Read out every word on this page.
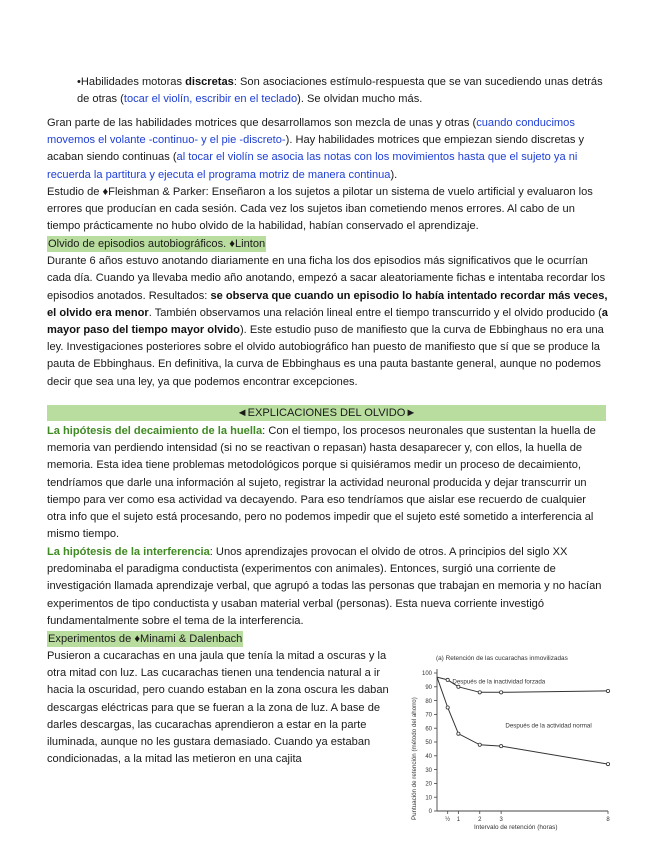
•Habilidades motoras discretas: Son asociaciones estímulo-respuesta que se van sucediendo unas detrás de otras (tocar el violín, escribir en el teclado). Se olvidan mucho más.

Gran parte de las habilidades motrices que desarrollamos son mezcla de unas y otras (cuando conducimos movemos el volante -continuo- y el pie -discreto-). Hay habilidades motrices que empiezan siendo discretas y acaban siendo continuas (al tocar el violín se asocia las notas con los movimientos hasta que el sujeto ya ni recuerda la partitura y ejecuta el programa motriz de manera continua).

Estudio de ♦Fleishman & Parker: Enseñaron a los sujetos a pilotar un sistema de vuelo artificial y evaluaron los errores que producían en cada sesión. Cada vez los sujetos iban cometiendo menos errores. Al cabo de un tiempo prácticamente no hubo olvido de la habilidad, habían conservado el aprendizaje.

Olvido de episodios autobiográficos. ♦Linton

Durante 6 años estuvo anotando diariamente en una ficha los dos episodios más significativos que le ocurrían cada día. Cuando ya llevaba medio año anotando, empezó a sacar aleatoriamente fichas e intentaba recordar los episodios anotados. Resultados: se observa que cuando un episodio lo había intentado recordar más veces, el olvido era menor. También observamos una relación lineal entre el tiempo transcurrido y el olvido producido (a mayor paso del tiempo mayor olvido). Este estudio puso de manifiesto que la curva de Ebbinghaus no era una ley. Investigaciones posteriores sobre el olvido autobiográfico han puesto de manifiesto que sí que se produce la pauta de Ebbinghaus. En definitiva, la curva de Ebbinghaus es una pauta bastante general, aunque no podemos decir que sea una ley, ya que podemos encontrar excepciones.

◄EXPLICACIONES DEL OLVIDO►

La hipótesis del decaimiento de la huella: Con el tiempo, los procesos neuronales que sustentan la huella de memoria van perdiendo intensidad (si no se reactivan o repasan) hasta desaparecer y, con ellos, la huella de memoria. Esta idea tiene problemas metodológicos porque si quisiéramos medir un proceso de decaimiento, tendríamos que darle una información al sujeto, registrar la actividad neuronal producida y dejar transcurrir un tiempo para ver como esa actividad va decayendo. Para eso tendríamos que aislar ese recuerdo de cualquier otra info que el sujeto está procesando, pero no podemos impedir que el sujeto esté sometido a interferencia al mismo tiempo.

La hipótesis de la interferencia: Unos aprendizajes provocan el olvido de otros. A principios del siglo XX predominaba el paradigma conductista (experimentos con animales). Entonces, surgió una corriente de investigación llamada aprendizaje verbal, que agrupó a todas las personas que trabajan en memoria y no hacían experimentos de tipo conductista y usaban material verbal (personas). Esta nueva corriente investigó fundamentalmente sobre el tema de la interferencia.

Experimentos de ♦Minami & Dalenbach

Pusieron a cucarachas en una jaula que tenía la mitad a oscuras y la otra mitad con luz. Las cucarachas tienen una tendencia natural a ir hacia la oscuridad, pero cuando estaban en la zona oscura les daban descargas eléctricas para que se fueran a la zona de luz. A base de darles descargas, las cucarachas aprendieron a estar en la parte iluminada, aunque no les gustara demasiado. Cuando ya estaban condicionadas, a la mitad las metieron en una cajita

(a) Retención de las cucarachas inmovilizadas
Intervalo de retención (horas)
Puntuación de retención (método del ahorro) 0
10
20
30
40
50
60
70
80
90
100
½ 1	2	3	8
Después de la inactividad forzada
Después de la actividad normal
